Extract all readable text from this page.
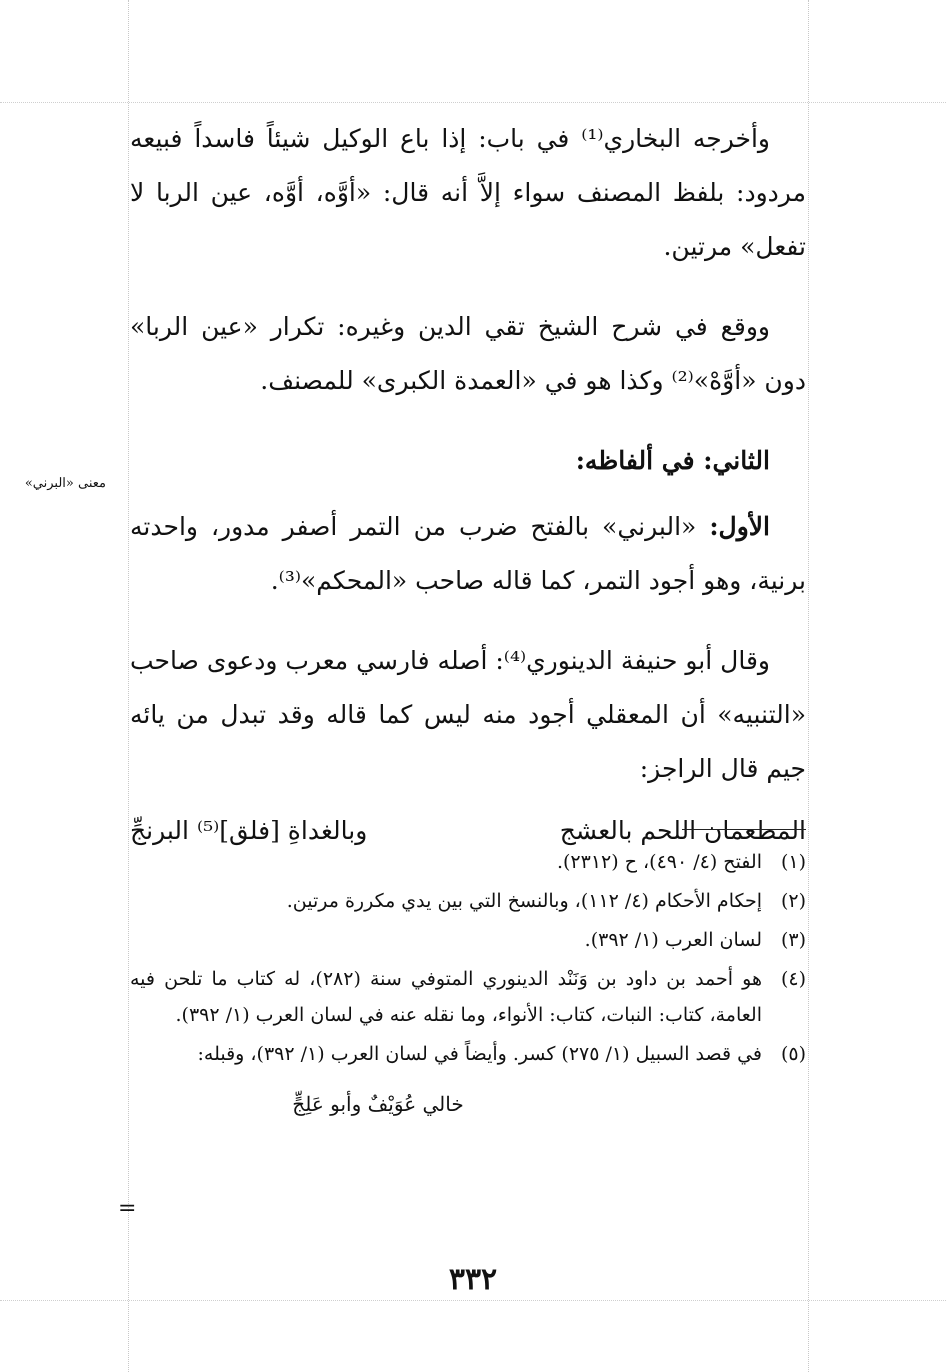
معنى «البرني»

وأخرجه البخاري⁽¹⁾ في باب: إذا باع الوكيل شيئاً فاسداً فبيعه مردود: بلفظ المصنف سواء إلاَّ أنه قال: «أوَّه، أوَّه، عين الربا لا تفعل» مرتين.

ووقع في شرح الشيخ تقي الدين وغيره: تكرار «عين الربا» دون «أوَّهْ»⁽²⁾ وكذا هو في «العمدة الكبرى» للمصنف.

الثاني: في ألفاظه:

الأول: «البرني» بالفتح ضرب من التمر أصفر مدور، واحدته برنية، وهو أجود التمر، كما قاله صاحب «المحكم»⁽³⁾.

وقال أبو حنيفة الدينوري⁽⁴⁾: أصله فارسي معرب ودعوى صاحب «التنبيه» أن المعقلي أجود منه ليس كما قاله وقد تبدل من يائه جيم قال الراجز:

المطعمان اللحم بالعشج
وبالغداةِ [فلق]⁽⁵⁾ البرنجِّ
(١)
الفتح (٤/ ٤٩٠)، ح (٢٣١٢).
(٢)
إحكام الأحكام (٤/ ١١٢)، وبالنسخ التي بين يدي مكررة مرتين.
(٣)
لسان العرب (١/ ٣٩٢).
(٤)
هو أحمد بن داود بن وَنَنْد الدينوري المتوفي سنة (٢٨٢)، له كتاب ما تلحن فيه العامة، كتاب: النبات، كتاب: الأنواء، وما نقله عنه في لسان العرب (١/ ٣٩٢).
(٥)
في قصد السبيل (١/ ٢٧٥) كسر. وأيضاً في لسان العرب (١/ ٣٩٢)، وقبله:
خالي عُوَيْفٌ وأبو عَلِجٍّ
=
٣٣٢
